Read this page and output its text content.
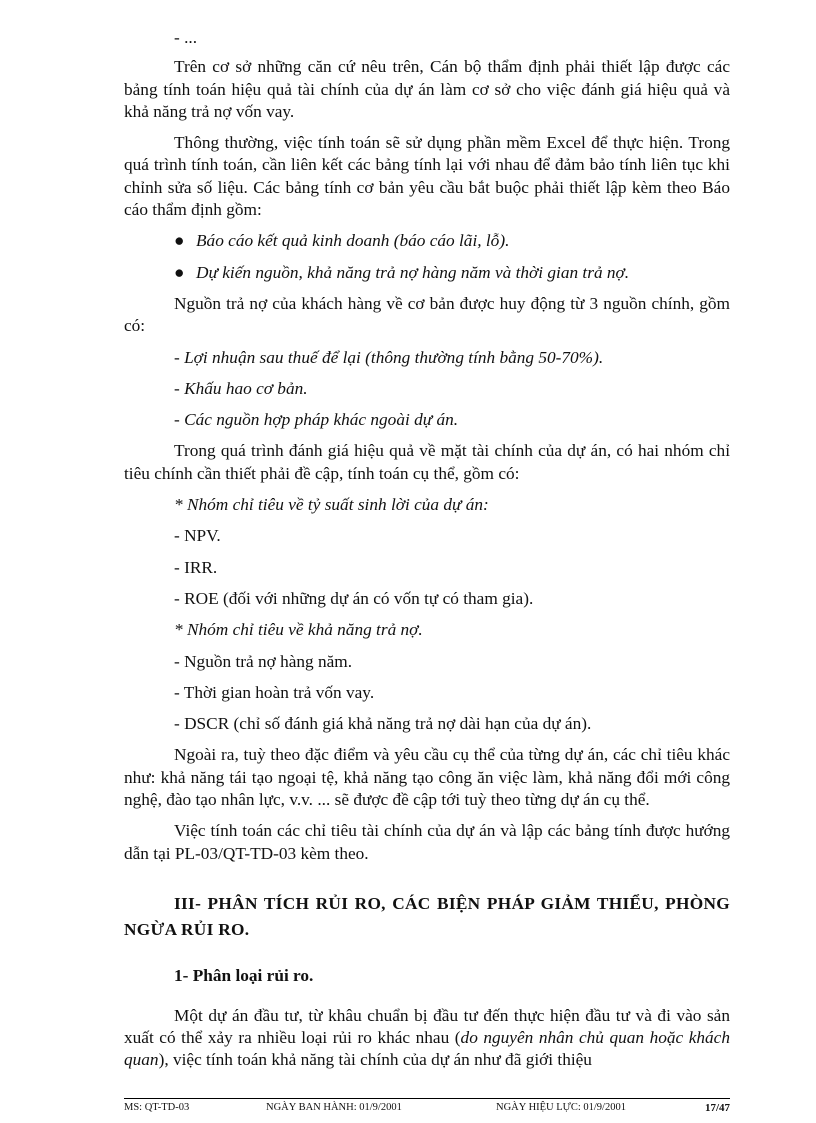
- ...

Trên cơ sở những căn cứ nêu trên, Cán bộ thẩm định phải thiết lập được các bảng tính toán hiệu quả tài chính của dự án làm cơ sở cho việc đánh giá hiệu quả và khả năng trả nợ vốn vay.

Thông thường, việc tính toán sẽ sử dụng phần mềm Excel để thực hiện. Trong quá trình tính toán, cần liên kết các bảng tính lại với nhau để đảm bảo tính liên tục khi chỉnh sửa số liệu. Các bảng tính cơ bản yêu cầu bắt buộc phải thiết lập kèm theo Báo cáo thẩm định gồm:

● Báo cáo kết quả kinh doanh (báo cáo lãi, lỗ).
● Dự kiến nguồn, khả năng trả nợ hàng năm và thời gian trả nợ.

Nguồn trả nợ của khách hàng về cơ bản được huy động từ 3 nguồn chính, gồm có:

- Lợi nhuận sau thuế để lại (thông thường tính bằng 50-70%).

- Khấu hao cơ bản.

- Các nguồn hợp pháp khác ngoài dự án.

Trong quá trình đánh giá hiệu quả về mặt tài chính của dự án, có hai nhóm chỉ tiêu chính cần thiết phải đề cập, tính toán cụ thể, gồm có:

* Nhóm chỉ tiêu về tỷ suất sinh lời của dự án:

- NPV.

- IRR.

- ROE (đối với những dự án có vốn tự có tham gia).

* Nhóm chỉ tiêu về khả năng trả nợ.

- Nguồn trả nợ hàng năm.

- Thời gian hoàn trả vốn vay.

- DSCR (chỉ số đánh giá khả năng trả nợ dài hạn của dự án).

Ngoài ra, tuỳ theo đặc điểm và yêu cầu cụ thể của từng dự án, các chỉ tiêu khác như: khả năng tái tạo ngoại tệ, khả năng tạo công ăn việc làm, khả năng đổi mới công nghệ, đào tạo nhân lực, v.v. ... sẽ được đề cập tới tuỳ theo từng dự án cụ thể.

Việc tính toán các chỉ tiêu tài chính của dự án và lập các bảng tính được hướng dẫn tại PL-03/QT-TD-03 kèm theo.

III- PHÂN TÍCH RỦI RO, CÁC BIỆN PHÁP GIẢM THIỂU, PHÒNG NGỪA RỦI RO.

1- Phân loại rủi ro.

Một dự án đầu tư, từ khâu chuẩn bị đầu tư đến thực hiện đầu tư và đi vào sản xuất có thể xảy ra nhiều loại rủi ro khác nhau (do nguyên nhân chủ quan hoặc khách quan), việc tính toán khả năng tài chính của dự án như đã giới thiệu

MS: QT-TD-03	NGÀY BAN HÀNH: 01/9/2001	NGÀY HIỆU LỰC: 01/9/2001	17/47
